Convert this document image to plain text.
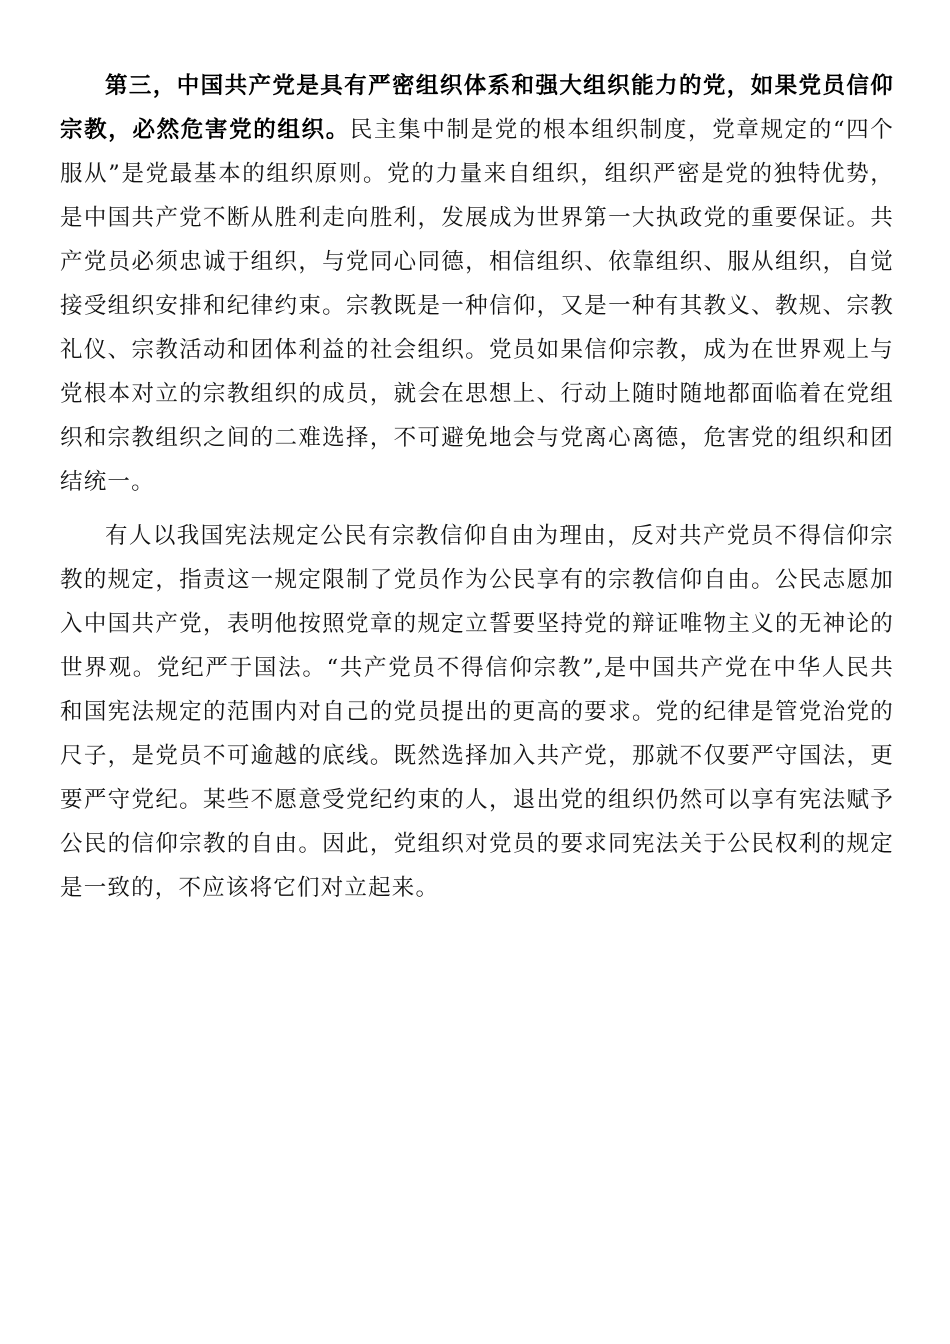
第三，中国共产党是具有严密组织体系和强大组织能力的党，如果党员信仰宗教，必然危害党的组织。民主集中制是党的根本组织制度，党章规定的“四个服从”是党最基本的组织原则。党的力量来自组织，组织严密是党的独特优势，是中国共产党不断从胜利走向胜利，发展成为世界第一大执政党的重要保证。共产党员必须忠诚于组织，与党同心同德，相信组织、依靠组织、服从组织，自觉接受组织安排和纪律约束。宗教既是一种信仰，又是一种有其教义、教规、宗教礼仪、宗教活动和团体利益的社会组织。党员如果信仰宗教，成为在世界观上与党根本对立的宗教组织的成员，就会在思想上、行动上随时随地都面临着在党组织和宗教组织之间的二难选择，不可避免地会与党离心离德，危害党的组织和团结统一。

有人以我国宪法规定公民有宗教信仰自由为理由，反对共产党员不得信仰宗教的规定，指责这一规定限制了党员作为公民享有的宗教信仰自由。公民志愿加入中国共产党，表明他按照党章的规定立誓要坚持党的辩证唯物主义的无神论的世界观。党纪严于国法。“共产党员不得信仰宗教”,是中国共产党在中华人民共和国宪法规定的范围内对自己的党员提出的更高的要求。党的纪律是管党治党的尺子，是党员不可逾越的底线。既然选择加入共产党，那就不仅要严守国法，更要严守党纪。某些不愿意受党纪约束的人，退出党的组织仍然可以享有宪法赋予公民的信仰宗教的自由。因此，党组织对党员的要求同宪法关于公民权利的规定是一致的，不应该将它们对立起来。
